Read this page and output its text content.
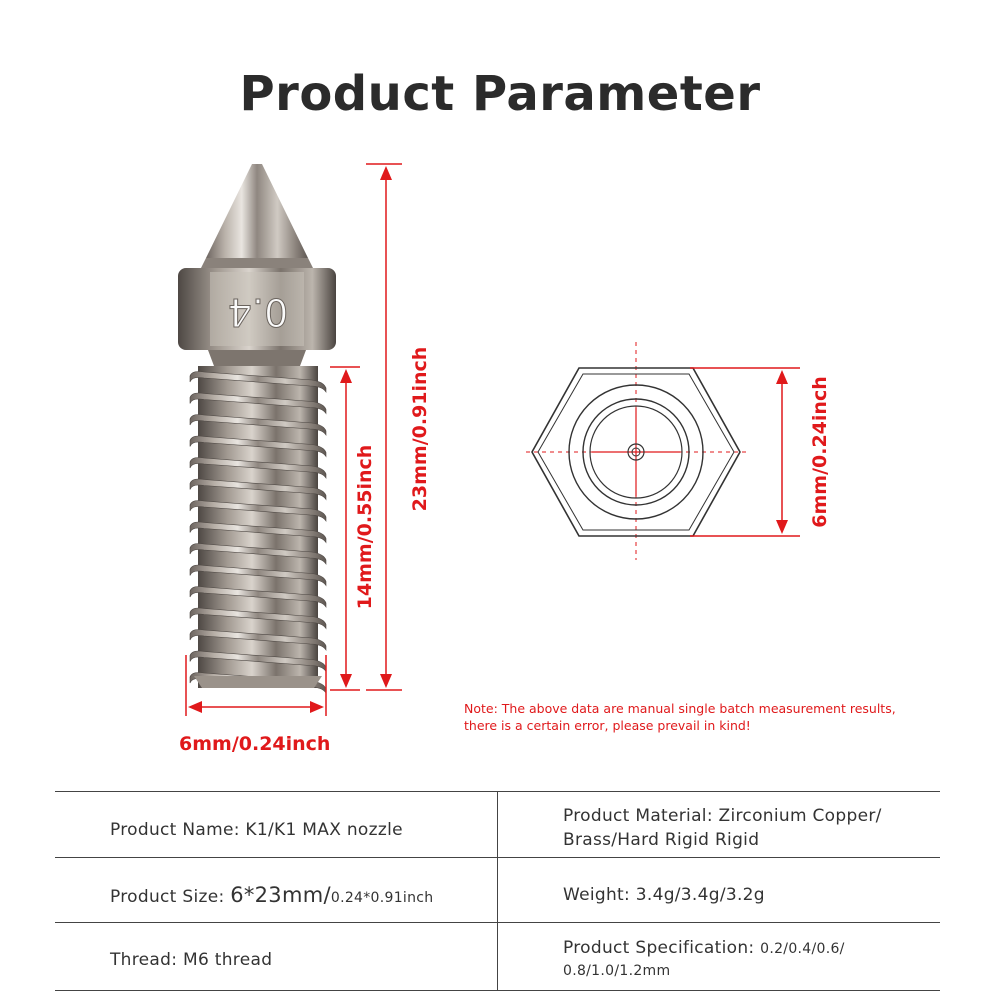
Product Parameter
0.4
23mm/0.91inch
14mm/0.55inch
6mm/0.24inch
6mm/0.24inch
Note: The above data are manual single batch measurement results,
there is a certain error, please prevail in kind!
Product Name: K1/K1 MAX nozzle
Product Material: Zirconium Copper/
Brass/Hard Rigid Rigid
Product Size: 6*23mm/0.24*0.91inch	Weight: 3.4g/3.4g/3.2g
Thread: M6 thread
Product Specification: 0.2/0.4/0.6/
0.8/1.0/1.2mm
